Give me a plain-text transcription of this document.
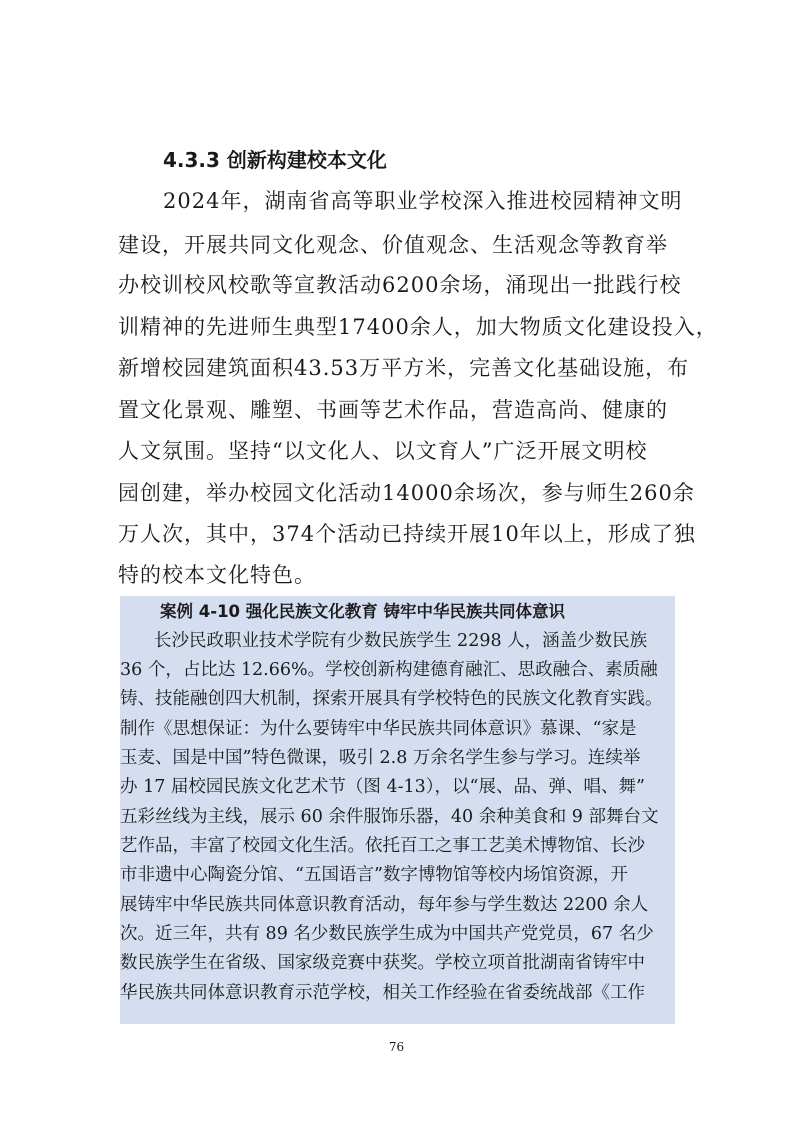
4.3.3 创新构建校本文化
2024年，湖南省高等职业学校深入推进校园精神文明
建设，开展共同文化观念、价值观念、生活观念等教育举
办校训校风校歌等宣教活动6200余场，涌现出一批践行校
训精神的先进师生典型17400余人，加大物质文化建设投入，
新增校园建筑面积43.53万平方米，完善文化基础设施，布
置文化景观、雕塑、书画等艺术作品，营造高尚、健康的
人文氛围。坚持“以文化人、以文育人”广泛开展文明校
园创建，举办校园文化活动14000余场次，参与师生260余
万人次，其中，374个活动已持续开展10年以上，形成了独
特的校本文化特色。
案例 4-10 强化民族文化教育 铸牢中华民族共同体意识
长沙民政职业技术学院有少数民族学生 2298 人，涵盖少数民族
36 个，占比达 12.66%。学校创新构建德育融汇、思政融合、素质融
铸、技能融创四大机制，探索开展具有学校特色的民族文化教育实践。
制作《思想保证：为什么要铸牢中华民族共同体意识》慕课、“家是
玉麦、国是中国”特色微课，吸引 2.8 万余名学生参与学习。连续举
办 17 届校园民族文化艺术节（图 4-13），以“展、品、弹、唱、舞”
五彩丝线为主线，展示 60 余件服饰乐器，40 余种美食和 9 部舞台文
艺作品，丰富了校园文化生活。依托百工之事工艺美术博物馆、长沙
市非遗中心陶瓷分馆、“五国语言”数字博物馆等校内场馆资源，开
展铸牢中华民族共同体意识教育活动，每年参与学生数达 2200 余人
次。近三年，共有 89 名少数民族学生成为中国共产党党员，67 名少
数民族学生在省级、国家级竞赛中获奖。学校立项首批湖南省铸牢中
华民族共同体意识教育示范学校，相关工作经验在省委统战部《工作
76
